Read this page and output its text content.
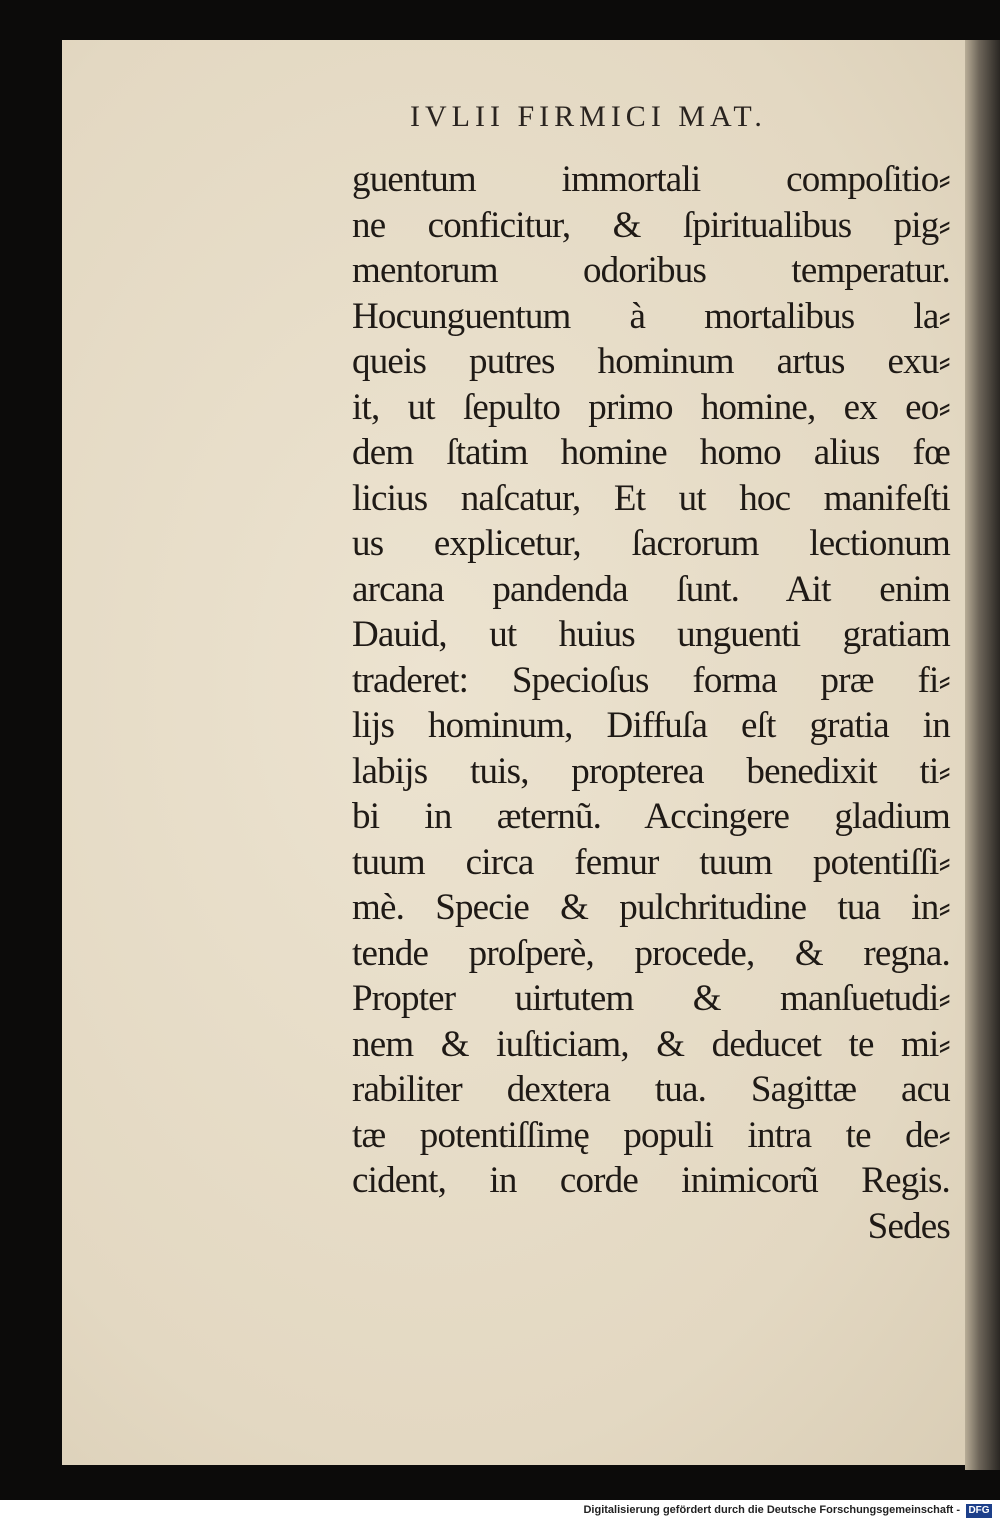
IVLII FIRMICI MAT.
guentum immortali compoſitio⸗
ne conficitur, & ſpiritualibus pig⸗
mentorum odoribus temperatur.
Hocunguentum à mortalibus la⸗
queis putres hominum artus exu⸗
it, ut ſepulto primo homine, ex eo⸗
dem ſtatim homine homo alius fœ
licius naſcatur, Et ut hoc manifeſti
us explicetur, ſacrorum lectionum
arcana pandenda ſunt. Ait enim
Dauid, ut huius unguenti gratiam
traderet: Specioſus forma præ fi⸗
lijs hominum, Diffuſa eſt gratia in
labijs tuis, propterea benedixit ti⸗
bi in æternũ. Accingere gladium
tuum circa femur tuum potentiſſi⸗
mè. Specie & pulchritudine tua in⸗
tende proſperè, procede, & regna.
Propter uirtutem & manſuetudi⸗
nem & iuſticiam, & deducet te mi⸗
rabiliter dextera tua. Sagittæ acu
tæ potentiſſimę populi intra te de⸗
cident, in corde inimicorũ Regis.
Sedes
Digitalisierung gefördert durch die Deutsche Forschungsgemeinschaft - DFG
